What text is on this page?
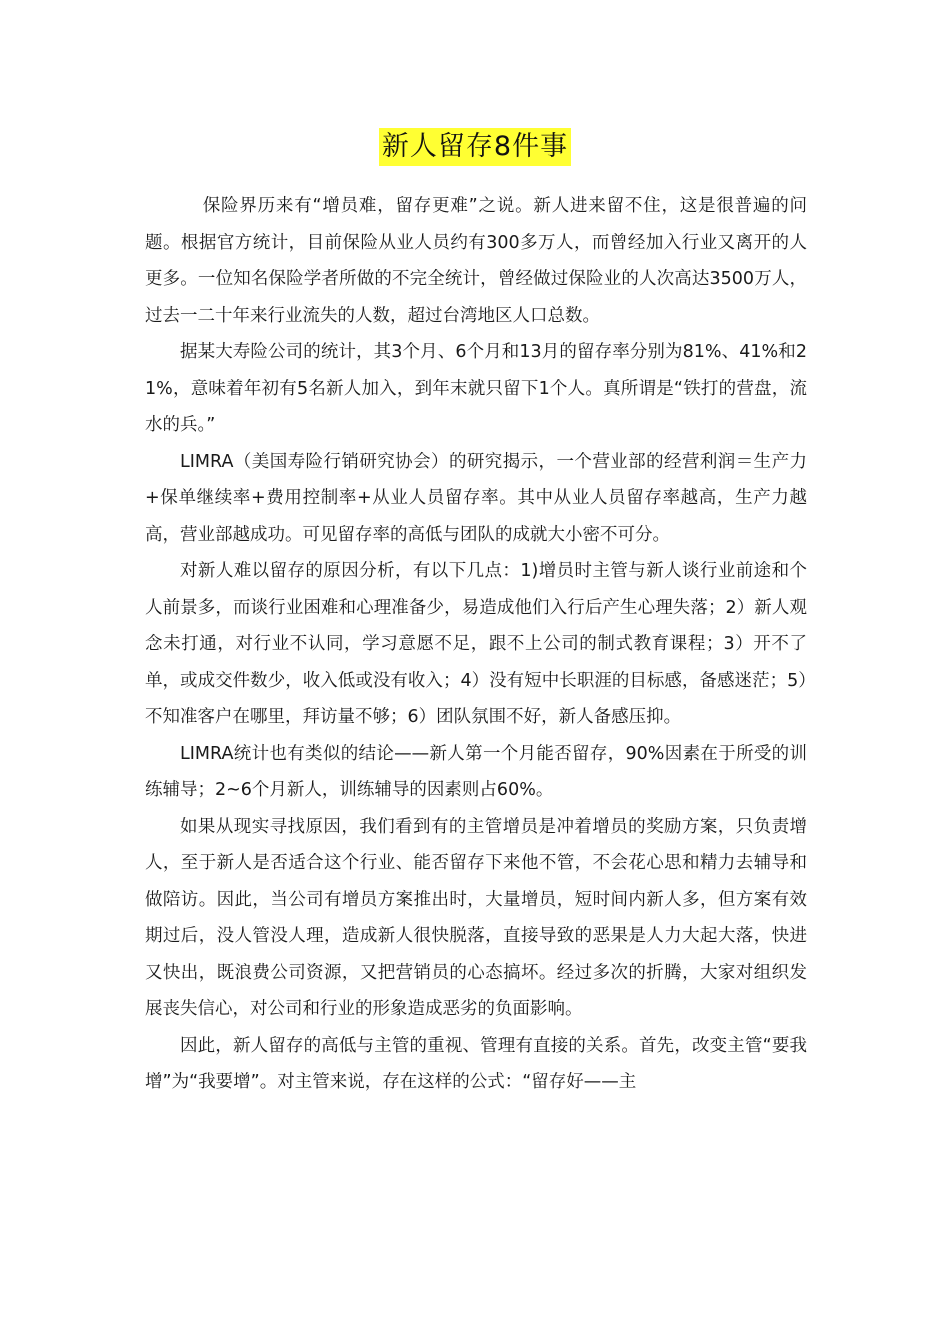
新人留存8件事

保险界历来有“增员难，留存更难”之说。新人进来留不住，这是很普遍的问题。根据官方统计，目前保险从业人员约有300多万人，而曾经加入行业又离开的人更多。一位知名保险学者所做的不完全统计，曾经做过保险业的人次高达3500万人，过去一二十年来行业流失的人数，超过台湾地区人口总数。

据某大寿险公司的统计，其3个月、6个月和13月的留存率分别为81%、41%和21%，意味着年初有5名新人加入，到年末就只留下1个人。真所谓是“铁打的营盘，流水的兵。”

LIMRA（美国寿险行销研究协会）的研究揭示，一个营业部的经营利润＝生产力+保单继续率+费用控制率+从业人员留存率。其中从业人员留存率越高，生产力越高，营业部越成功。可见留存率的高低与团队的成就大小密不可分。

对新人难以留存的原因分析，有以下几点：1)增员时主管与新人谈行业前途和个人前景多，而谈行业困难和心理准备少，易造成他们入行后产生心理失落；2）新人观念未打通，对行业不认同，学习意愿不足，跟不上公司的制式教育课程；3）开不了单，或成交件数少，收入低或没有收入；4）没有短中长职涯的目标感，备感迷茫；5）不知准客户在哪里，拜访量不够；6）团队氛围不好，新人备感压抑。

LIMRA统计也有类似的结论——新人第一个月能否留存，90%因素在于所受的训练辅导；2~6个月新人，训练辅导的因素则占60%。

如果从现实寻找原因，我们看到有的主管增员是冲着增员的奖励方案，只负责增人，至于新人是否适合这个行业、能否留存下来他不管，不会花心思和精力去辅导和做陪访。因此，当公司有增员方案推出时，大量增员，短时间内新人多，但方案有效期过后，没人管没人理，造成新人很快脱落，直接导致的恶果是人力大起大落，快进又快出，既浪费公司资源，又把营销员的心态搞坏。经过多次的折腾，大家对组织发展丧失信心，对公司和行业的形象造成恶劣的负面影响。

因此，新人留存的高低与主管的重视、管理有直接的关系。首先，改变主管“要我增”为“我要增”。对主管来说，存在这样的公式：“留存好——主
